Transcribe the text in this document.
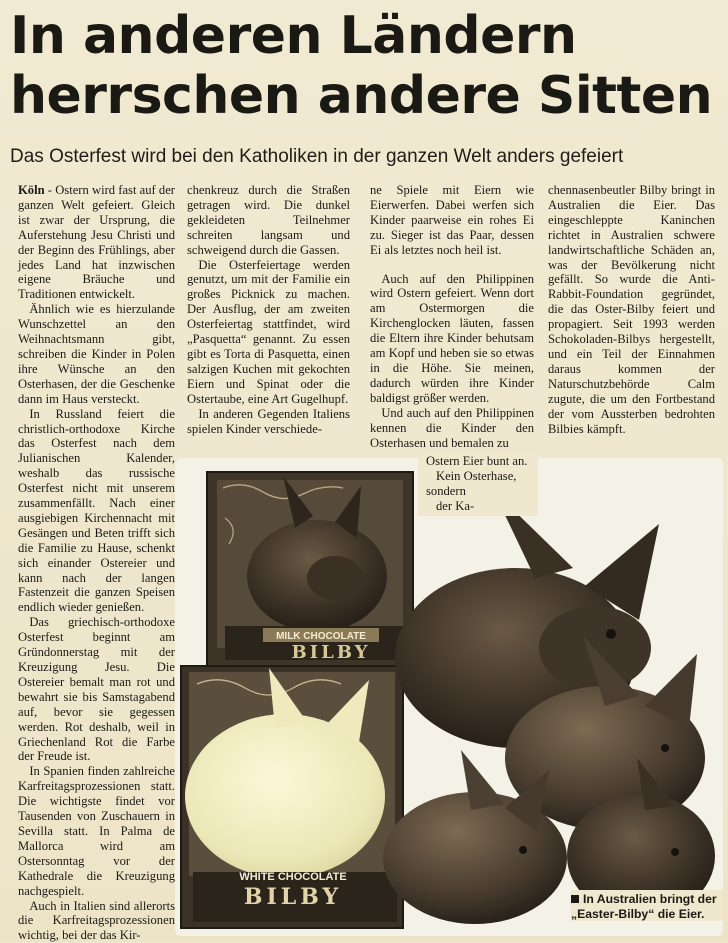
In anderen Ländern
herrschen andere Sitten

Das Osterfest wird bei den Katholiken in der ganzen Welt anders gefeiert

Köln - Ostern wird fast auf der ganzen Welt gefeiert. Gleich ist zwar der Ursprung, die Auferstehung Jesu Christi und der Beginn des Frühlings, aber jedes Land hat inzwischen eigene Bräuche und Traditionen entwickelt.

Ähnlich wie es hierzulande Wunschzettel an den Weihnachtsmann gibt, schreiben die Kinder in Polen ihre Wünsche an den Osterhasen, der die Geschenke dann im Haus versteckt.

In Russland feiert die christlich-orthodoxe Kirche das Osterfest nach dem Julianischen Kalender, weshalb das russische Osterfest nicht mit unserem zusammenfällt. Nach einer ausgiebigen Kirchennacht mit Gesängen und Beten trifft sich die Familie zu Hause, schenkt sich einander Ostereier und kann nach der langen Fastenzeit die ganzen Speisen endlich wieder genießen.

Das griechisch-orthodoxe Osterfest beginnt am Gründonnerstag mit der Kreuzigung Jesu. Die Ostereier bemalt man rot und bewahrt sie bis Samstagabend auf, bevor sie gegessen werden. Rot deshalb, weil in Griechenland Rot die Farbe der Freude ist.

In Spanien finden zahlreiche Karfreitagsprozessionen statt. Die wichtigste findet vor Tausenden von Zuschauern in Sevilla statt. In Palma de Mallorca wird am Ostersonntag vor der Kathedrale die Kreuzigung nachgespielt.

Auch in Italien sind allerorts die Karfreitagsprozessionen wichtig, bei der das Kir-

chenkreuz durch die Straßen getragen wird. Die dunkel gekleideten Teilnehmer schreiten langsam und schweigend durch die Gassen.

Die Osterfeiertage werden genutzt, um mit der Familie ein großes Picknick zu machen. Der Ausflug, der am zweiten Osterfeiertag stattfindet, wird „Pasquetta“ genannt. Zu essen gibt es Torta di Pasquetta, einen salzigen Kuchen mit gekochten Eiern und Spinat oder die Ostertaube, eine Art Gugelhupf.

In anderen Gegenden Italiens spielen Kinder verschiede-

ne Spiele mit Eiern wie Eierwerfen. Dabei werfen sich Kinder paarweise ein rohes Ei zu. Sieger ist das Paar, dessen Ei als letztes noch heil ist.

Auch auf den Philippinen wird Ostern gefeiert. Wenn dort am Ostermorgen die Kirchenglocken läuten, fassen die Eltern ihre Kinder behutsam am Kopf und heben sie so etwas in die Höhe. Sie meinen, dadurch würden ihre Kinder baldigst größer werden.

Und auch auf den Philippinen kennen die Kinder den Osterhasen und bemalen zu

chennasenbeutler Bilby bringt in Australien die Eier. Das eingeschleppte Kaninchen richtet in Australien schwere landwirtschaftliche Schäden an, was der Bevölkerung nicht gefällt. So wurde die Anti-Rabbit-Foundation gegründet, die das Oster-Bilby feiert und propagiert. Seit 1993 werden Schokoladen-Bilbys hergestellt, und ein Teil der Einnahmen daraus kommen der Naturschutzbehörde Calm zugute, die um den Fortbestand der vom Aussterben bedrohten Bilbies kämpft.

MILK CHOCOLATE
BILBY
WHITE CHOCOLATE
BILBY
Ostern Eier bunt an.
Kein Osterhase,
sondern
der Ka-
In Australien bringt der „Easter-Bilby“ die Eier.
